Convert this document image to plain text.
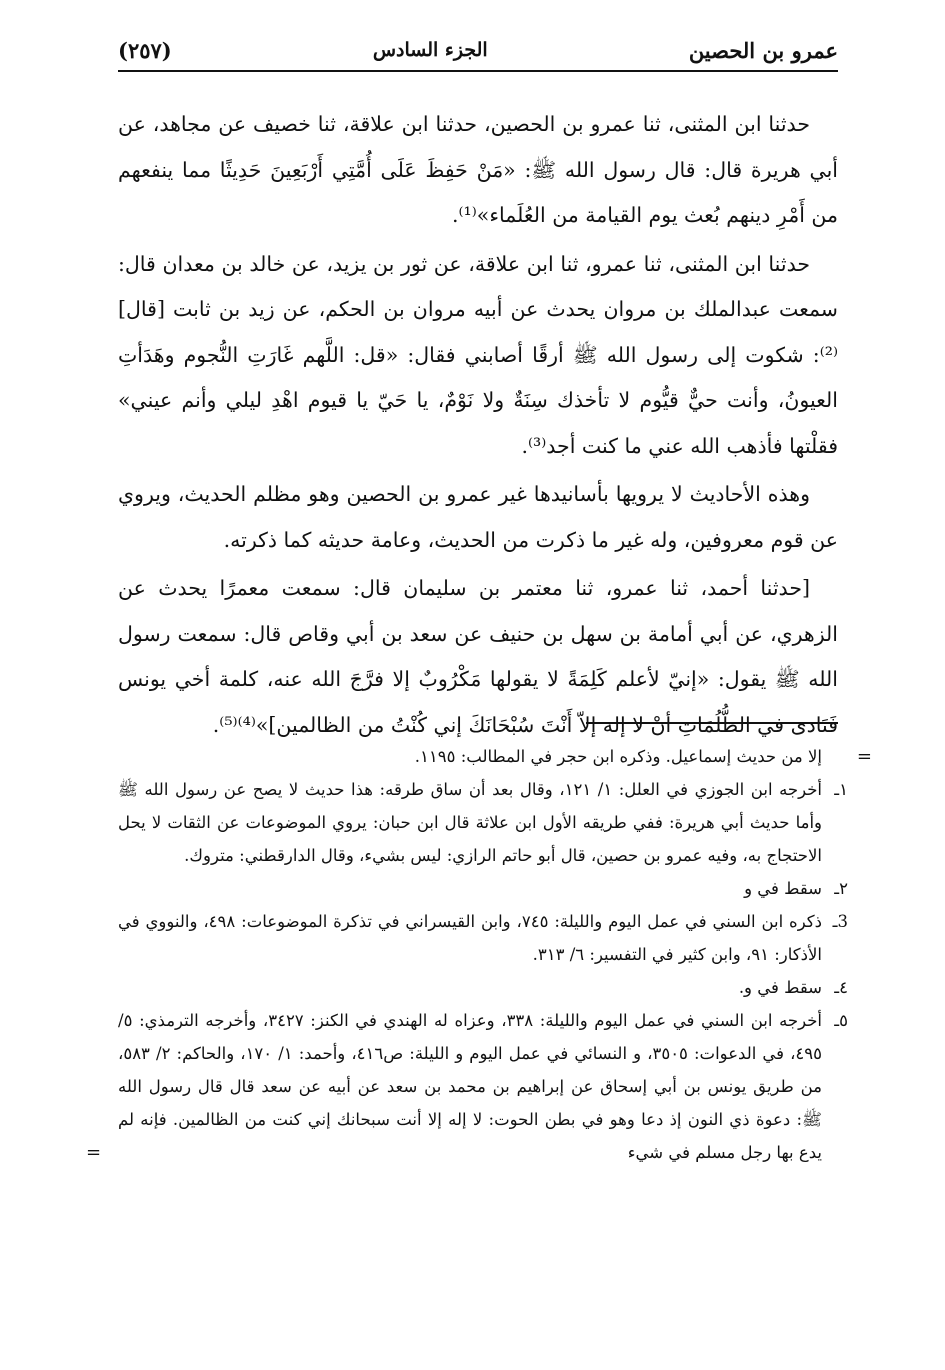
عمرو بن الحصين
الجزء السادس
(٢٥٧)

حدثنا ابن المثنى، ثنا عمرو بن الحصين، حدثنا ابن علاقة، ثنا خصيف عن مجاهد، عن أبي هريرة قال: قال رسول الله ﷺ: «مَنْ حَفِظَ عَلَى أُمَّتِي أَرْبَعِينَ حَدِيثًا مما ينفعهم من أَمْرِ دينهم بُعث يوم القيامة من العُلَماء»⁽¹⁾.

حدثنا ابن المثنى، ثنا عمرو، ثنا ابن علاقة، عن ثور بن يزيد، عن خالد بن معدان قال: سمعت عبدالملك بن مروان يحدث عن أبيه مروان بن الحكم، عن زيد بن ثابت [قال]⁽²⁾: شكوت إلى رسول الله ﷺ أرقًا أصابني فقال: «قل: اللَّهم غَارَتِ النُّجوم وهَدَأتِ العيونُ، وأنت حيٌّ قيُّوم لا تأخذك سِنَةٌ ولا نَوْمٌ، يا حَيّ يا قيوم اهْدِ ليلي وأنم عيني» فقلْتها فأذهب الله عني ما كنت أجد⁽³⁾.

وهذه الأحاديث لا يرويها بأسانيدها غير عمرو بن الحصين وهو مظلم الحديث، ويروي عن قوم معروفين، وله غير ما ذكرت من الحديث، وعامة حديثه كما ذكرته.

[حدثنا أحمد، ثنا عمرو، ثنا معتمر بن سليمان قال: سمعت معمرًا يحدث عن الزهري، عن أبي أمامة بن سهل بن حنيف عن سعد بن أبي وقاص قال: سمعت رسول الله ﷺ يقول: «إنيّ لأعلم كَلِمَةً لا يقولها مَكْرُوبٌ إلا فرَّجَ الله عنه، كلمة أخي يونس فَنَادى في الظُّلُمَاتِ أنْ لا إله إلاّ أَنْتَ سُبْحَانَكَ إني كُنْتُ من الظالمين]»⁽⁴⁾⁽⁵⁾.

=
إلا من حديث إسماعيل. وذكره ابن حجر في المطالب: ١١٩٥.

١ـ
أخرجه ابن الجوزي في العلل: ١/ ١٢١، وقال بعد أن ساق طرقه: هذا حديث لا يصح عن رسول الله ﷺ وأما حديث أبي هريرة: ففي طريقه الأول ابن علاثة قال ابن حبان: يروي الموضوعات عن الثقات لا يحل الاحتجاج به، وفيه عمرو بن حصين، قال أبو حاتم الرازي: ليس بشيء، وقال الدارقطني: متروك.

٢ـ
سقط في و

3ـ
ذكره ابن السني في عمل اليوم والليلة: ٧٤٥، وابن القيسراني في تذكرة الموضوعات: ٤٩٨، والنووي في الأذكار: ٩١، وابن كثير في التفسير: ٦/ ٣١٣.

٤ـ
سقط في و.

٥ـ
أخرجه ابن السني في عمل اليوم والليلة: ٣٣٨، وعزاه له الهندي في الكنز: ٣٤٢٧، وأخرجه الترمذي: ٥/ ٤٩٥، في الدعوات: ٣٥٠٥، و النسائي في عمل اليوم و الليلة: ص٤١٦، وأحمد: ١/ ١٧٠، والحاكم: ٢/ ٥٨٣، من طريق يونس بن أبي إسحاق عن إبراهيم بن محمد بن سعد عن أبيه عن سعد قال قال رسول الله ﷺ: دعوة ذي النون إذ دعا وهو في بطن الحوت: لا إله إلا أنت سبحانك إني كنت من الظالمين. فإنه لم يدع بها رجل مسلم في شيء
=
